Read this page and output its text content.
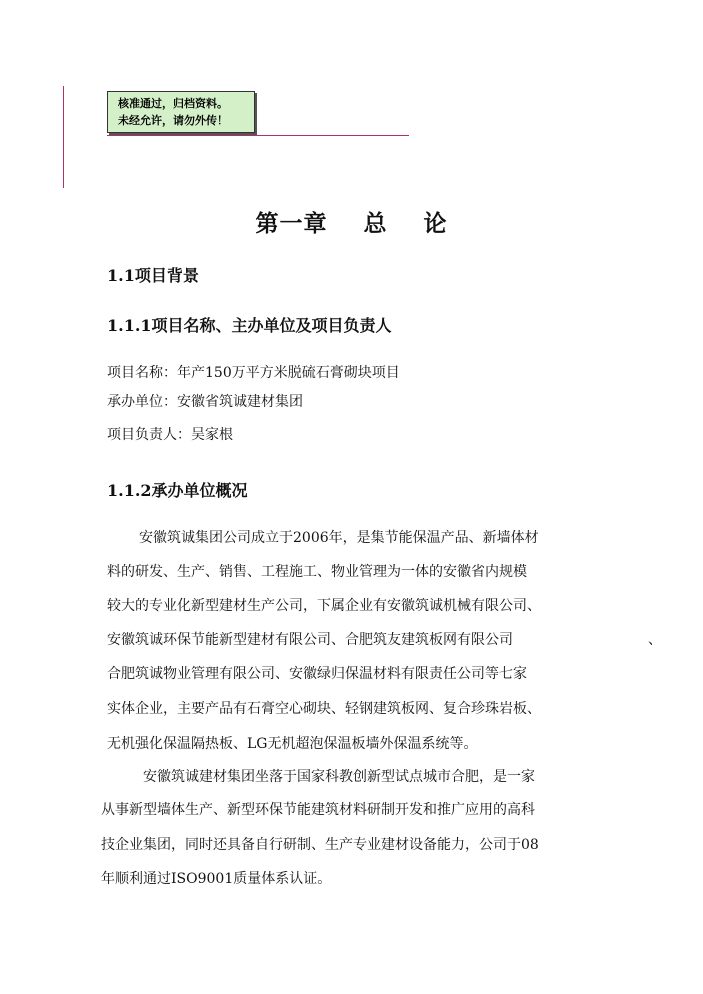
核准通过，归档资料。
未经允许，请勿外传！
第一章    总    论
1.1项目背景
1.1.1项目名称、主办单位及项目负责人
项目名称：年产150万平方米脱硫石膏砌块项目
承办单位：安徽省筑诚建材集团
项目负责人：吴家根
1.1.2承办单位概况
安徽筑诚集团公司成立于2006年，是集节能保温产品、新墙体材
料的研发、生产、销售、工程施工、物业管理为一体的安徽省内规模
较大的专业化新型建材生产公司，下属企业有安徽筑诚机械有限公司、
安徽筑诚环保节能新型建材有限公司、合肥筑友建筑板网有限公司	、
合肥筑诚物业管理有限公司、安徽绿归保温材料有限责任公司等七家
实体企业，主要产品有石膏空心砌块、轻钢建筑板网、复合珍珠岩板、
无机强化保温隔热板、LG无机超泡保温板墙外保温系统等。
安徽筑诚建材集团坐落于国家科教创新型试点城市合肥，是一家
从事新型墙体生产、新型环保节能建筑材料研制开发和推广应用的高科
技企业集团，同时还具备自行研制、生产专业建材设备能力，公司于08
年顺利通过ISO9001质量体系认证。
